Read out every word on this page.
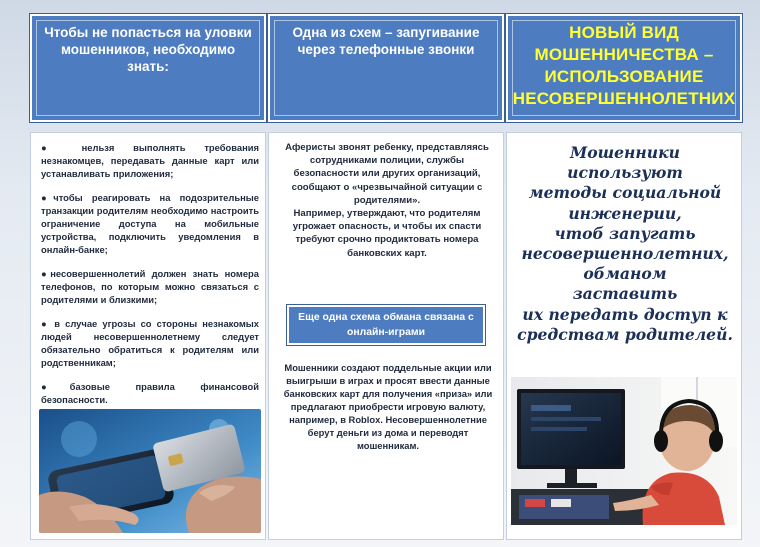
Чтобы не попасться на уловки мошенников, необходимо знать:
Одна из схем – запугивание через телефонные звонки
НОВЫЙ ВИД МОШЕННИЧЕСТВА – ИСПОЛЬЗОВАНИЕ НЕСОВЕРШЕННОЛЕТНИХ

● нельзя выполнять требования незнакомцев, передавать данные карт или устанавливать приложения;

●чтобы реагировать на подозрительные транзакции родителям необходимо настроить ограничение доступа на мобильные устройства, подключить уведомления в онлайн-банке;

●несовершеннолетий должен знать номера телефонов, по которым можно связаться с родителями и близкими;

● в случае угрозы со стороны незнакомых людей несовершеннолетнему следует обязательно обратиться к родителям или родственникам;

●базовые правила финансовой безопасности.

Аферисты звонят ребенку, представляясь сотрудниками полиции, службы безопасности или других организаций, сообщают о «чрезвычайной ситуации с родителями».

Например, утверждают, что родителям угрожает опасность, и чтобы их спасти требуют срочно продиктовать номера банковских карт.

Еще одна схема обмана связана с онлайн-играми
Мошенники создают поддельные акции или выигрыши в играх и просят ввести данные банковских карт для получения «приза» или предлагают приобрести игровую валюту, например, в Roblox. Несовершеннолетние берут деньги из дома и переводят мошенникам.
Мошенники используют
методы социальной
инженерии,
чтоб запугать
несовершеннолетних,
обманом
заставить
их передать доступ к
средствам родителей.
